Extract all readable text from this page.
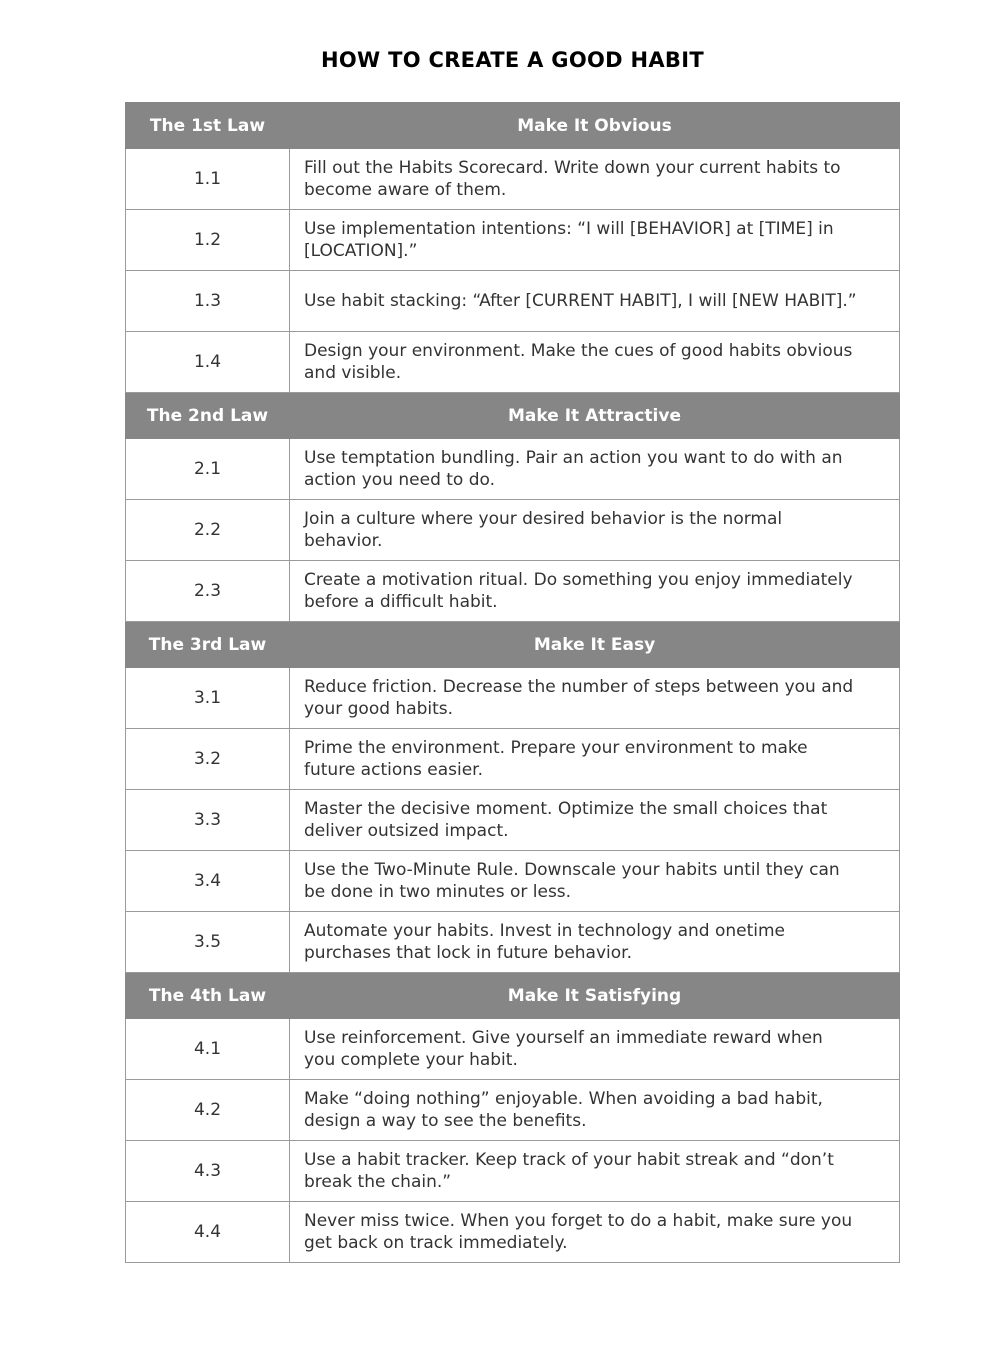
HOW TO CREATE A GOOD HABIT
The 1st Law	Make It Obvious
1.1	Fill out the Habits Scorecard. Write down your current habits to become aware of them.
1.2	Use implementation intentions: “I will [BEHAVIOR] at [TIME] in [LOCATION].”
1.3	Use habit stacking: “After [CURRENT HABIT], I will [NEW HABIT].”
1.4	Design your environment. Make the cues of good habits obvious and visible.
The 2nd Law	Make It Attractive
2.1	Use temptation bundling. Pair an action you want to do with an action you need to do.
2.2	Join a culture where your desired behavior is the normal behavior.
2.3	Create a motivation ritual. Do something you enjoy immediately before a difficult habit.
The 3rd Law	Make It Easy
3.1	Reduce friction. Decrease the number of steps between you and your good habits.
3.2	Prime the environment. Prepare your environment to make future actions easier.
3.3	Master the decisive moment. Optimize the small choices that deliver outsized impact.
3.4	Use the Two-Minute Rule. Downscale your habits until they can be done in two minutes or less.
3.5	Automate your habits. Invest in technology and onetime purchases that lock in future behavior.
The 4th Law	Make It Satisfying
4.1	Use reinforcement. Give yourself an immediate reward when you complete your habit.
4.2	Make “doing nothing” enjoyable. When avoiding a bad habit, design a way to see the benefits.
4.3	Use a habit tracker. Keep track of your habit streak and “don’t break the chain.”
4.4	Never miss twice. When you forget to do a habit, make sure you get back on track immediately.
